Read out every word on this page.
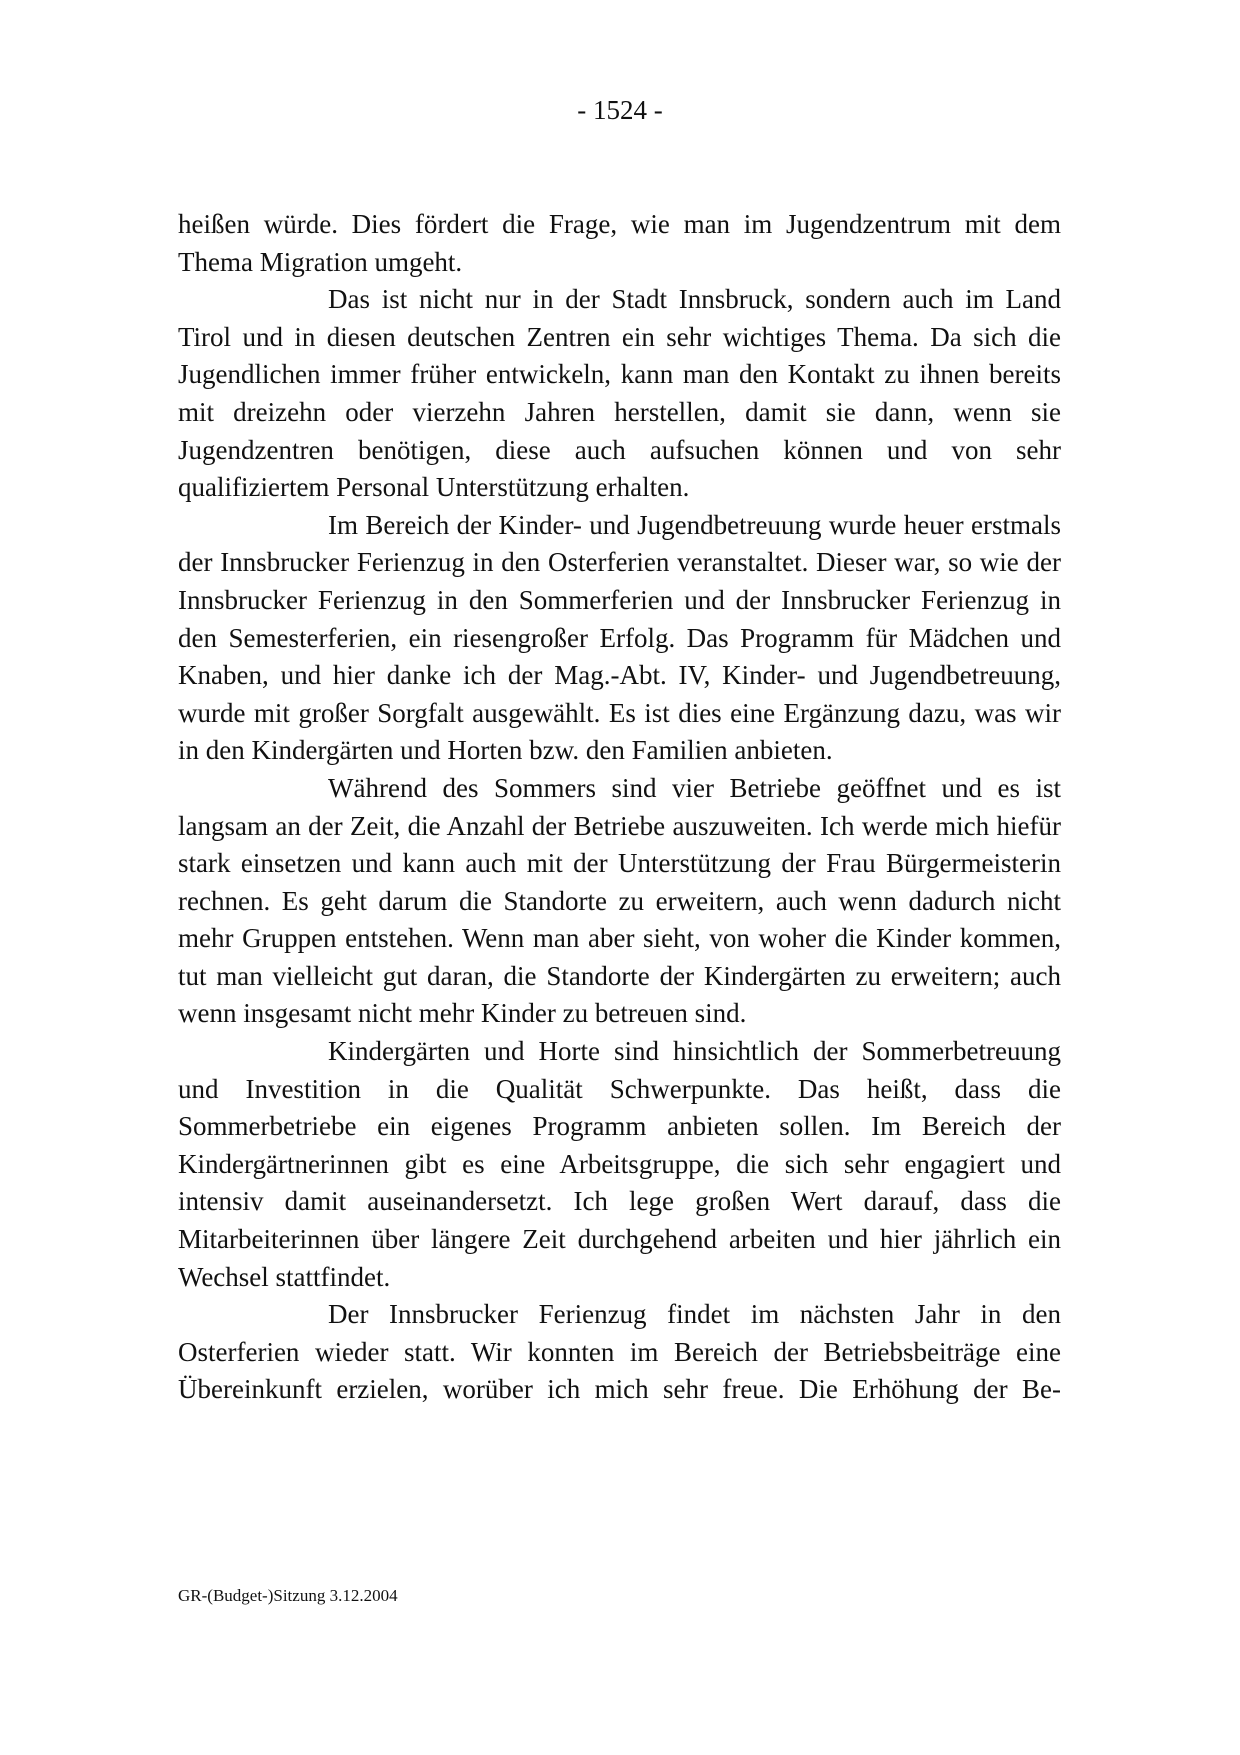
- 1524 -

heißen würde. Dies fördert die Frage, wie man im Jugendzentrum mit dem Thema Migration umgeht.

Das ist nicht nur in der Stadt Innsbruck, sondern auch im Land Tirol und in diesen deutschen Zentren ein sehr wichtiges Thema. Da sich die Jugendlichen immer früher entwickeln, kann man den Kontakt zu ihnen bereits mit dreizehn oder vierzehn Jahren herstellen, damit sie dann, wenn sie Jugendzentren benötigen, diese auch aufsuchen können und von sehr qualifiziertem Personal Unterstützung erhalten.

Im Bereich der Kinder- und Jugendbetreuung wurde heuer erstmals der Innsbrucker Ferienzug in den Osterferien veranstaltet. Dieser war, so wie der Innsbrucker Ferienzug in den Sommerferien und der Innsbrucker Ferienzug in den Semesterferien, ein riesengroßer Erfolg. Das Programm für Mädchen und Knaben, und hier danke ich der Mag.-Abt. IV, Kinder- und Jugendbetreuung, wurde mit großer Sorgfalt ausgewählt. Es ist dies eine Ergänzung dazu, was wir in den Kindergärten und Horten bzw. den Familien anbieten.

Während des Sommers sind vier Betriebe geöffnet und es ist langsam an der Zeit, die Anzahl der Betriebe auszuweiten. Ich werde mich hiefür stark einsetzen und kann auch mit der Unterstützung der Frau Bürgermeisterin rechnen. Es geht darum die Standorte zu erweitern, auch wenn dadurch nicht mehr Gruppen entstehen. Wenn man aber sieht, von woher die Kinder kommen, tut man vielleicht gut daran, die Standorte der Kindergärten zu erweitern; auch wenn insgesamt nicht mehr Kinder zu betreuen sind.

Kindergärten und Horte sind hinsichtlich der Sommerbetreuung und Investition in die Qualität Schwerpunkte. Das heißt, dass die Sommerbetriebe ein eigenes Programm anbieten sollen. Im Bereich der Kindergärtnerinnen gibt es eine Arbeitsgruppe, die sich sehr engagiert und intensiv damit auseinandersetzt. Ich lege großen Wert darauf, dass die Mitarbeiterinnen über längere Zeit durchgehend arbeiten und hier jährlich ein Wechsel stattfindet.

Der Innsbrucker Ferienzug findet im nächsten Jahr in den Osterferien wieder statt. Wir konnten im Bereich der Betriebsbeiträge eine Übereinkunft erzielen, worüber ich mich sehr freue. Die Erhöhung der Be-

GR-(Budget-)Sitzung 3.12.2004
